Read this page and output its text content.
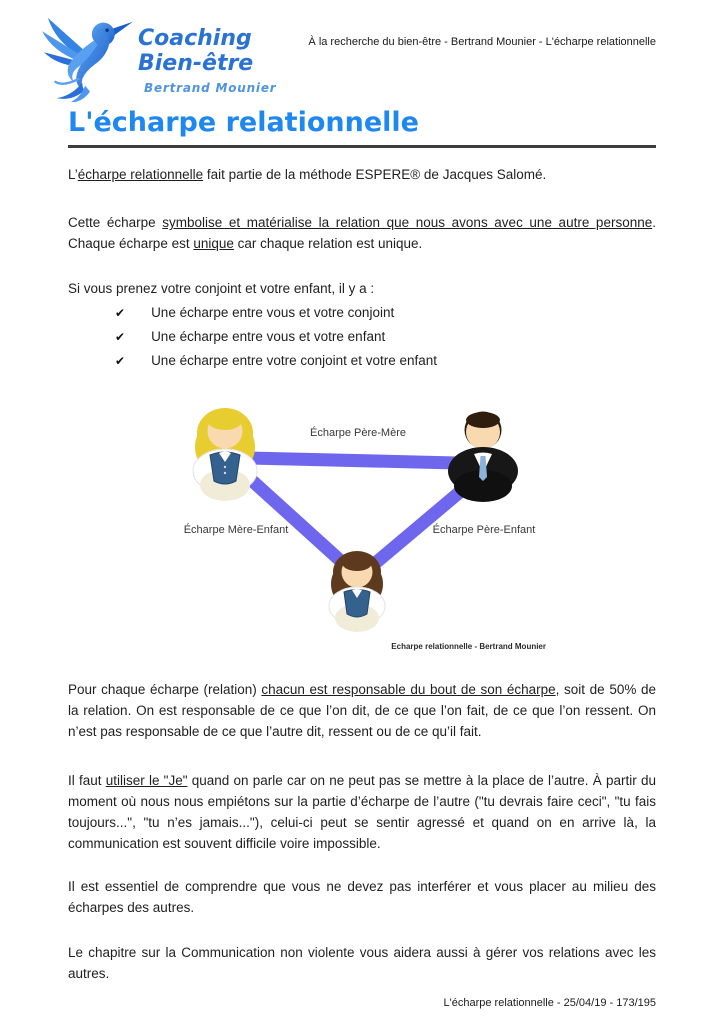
Coaching
Bien-être
Bertrand Mounier
À la recherche du bien-être - Bertrand Mounier - L'écharpe relationnelle
L'écharpe relationnelle

L’écharpe relationnelle fait partie de la méthode ESPERE® de Jacques Salomé.

Cette écharpe symbolise et matérialise la relation que nous avons avec une autre personne. Chaque écharpe est unique car chaque relation est unique.

Si vous prenez votre conjoint et votre enfant, il y a :

✔ Une écharpe entre vous et votre conjoint
✔ Une écharpe entre vous et votre enfant
✔ Une écharpe entre votre conjoint et votre enfant
Écharpe Père-Mère
Écharpe Mère-Enfant	Écharpe Père-Enfant
Echarpe relationnelle - Bertrand Mounier

Pour chaque écharpe (relation) chacun est responsable du bout de son écharpe, soit de 50% de la relation. On est responsable de ce que l’on dit, de ce que l’on fait, de ce que l’on ressent. On n’est pas responsable de ce que l’autre dit, ressent ou de ce qu’il fait.

Il faut utiliser le "Je" quand on parle car on ne peut pas se mettre à la place de l’autre. À partir du moment où nous nous empiétons sur la partie d’écharpe de l’autre ("tu devrais faire ceci", "tu fais toujours...", "tu n’es jamais..."), celui-ci peut se sentir agressé et quand on en arrive là, la communication est souvent difficile voire impossible.

Il est essentiel de comprendre que vous ne devez pas interférer et vous placer au milieu des écharpes des autres.

Le chapitre sur la Communication non violente vous aidera aussi à gérer vos relations avec les autres.

L'écharpe relationnelle - 25/04/19 - 173/195
